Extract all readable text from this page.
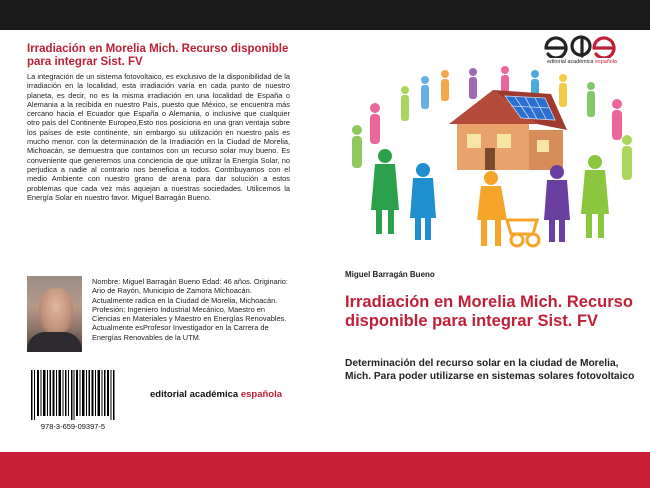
Irradiación en Morelia Mich. Recurso disponible para integrar Sist. FV

La integración de un sistema fotovoltaico, es exclusivo de la disponibilidad de la irradiación en la localidad, esta irradiación varía en cada punto de nuestro planeta, es decir, no es la misma irradiación en una localidad de España o Alemania a la recibida en nuestro País, puesto que México, se encuentra más cercano hacia el Ecuador que España o Alemania, o inclusive que cualquier otro país del Continente Europeo,Esto nos posiciona en una gran ventaja sobre los países de este continente, sin embargo su utilización en nuestro país es mucho menor. con la determinación de la Irradiación en la Ciudad de Morelia, Michoacán, se demuestra que contamos con un recurso solar muy bueno. Es conveniente que generemos una conciencia de que utilizar la Energía Solar, no perjudica a nadie al contrario nos beneficia a todos. Contribuyamos con el medio Ambiente con nuestro grano de arena para dar solución a estos problemas que cada vez más aquejan a nuestras sociedades. Utilicemos la Energía Solar en nuestro favor. Miguel Barragán Bueno.

Nombre: Miguel Barragán Bueno Edad: 46 años. Originario: Ario de Rayón, Municipio de Zamora Michoacán. Actualmente radica en la Ciudad de Morelia, Michoacán. Profesión: Ingeniero Industrial Mecánico, Maestro en Ciencias en Materiales y Maestro en Energías Renovables. Actualmente esProfesor Investigador en la Carrera de Energías Renovables de la UTM.

978-3-659-09397-5
editorial académica española
editorial académica española
Miguel Barragán Bueno
Irradiación en Morelia Mich. Recurso disponible para integrar Sist. FV

Determinación del recurso solar en la ciudad de Morelia, Mich. Para poder utilizarse en sistemas solares fotovoltaico
